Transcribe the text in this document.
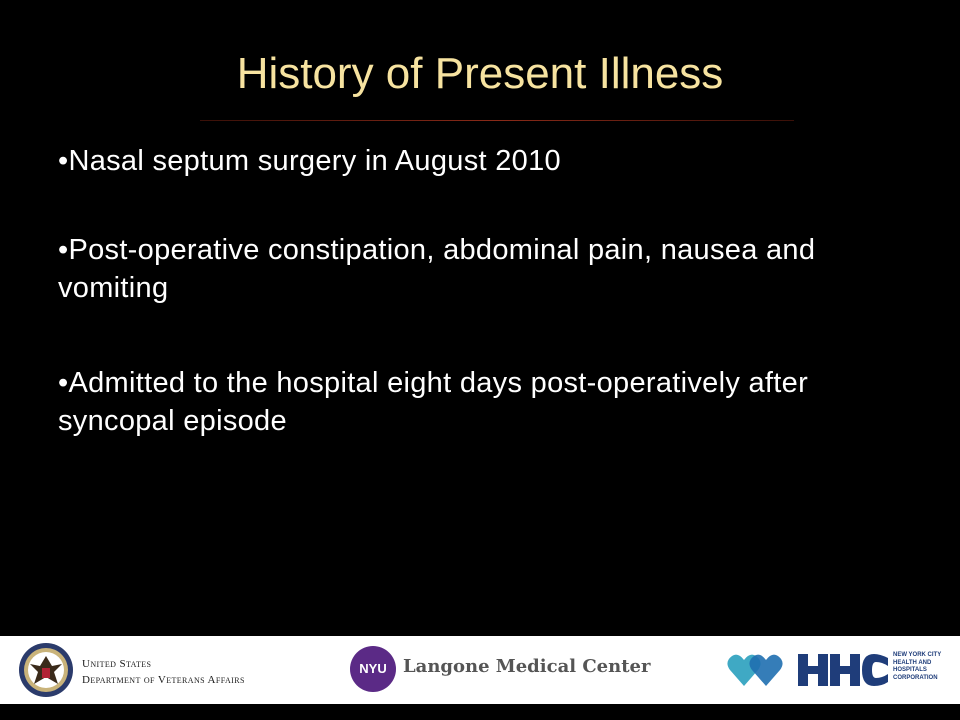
History of Present Illness
•Nasal septum surgery in August 2010
•Post-operative constipation, abdominal pain, nausea and vomiting
•Admitted to the hospital eight days post-operatively after syncopal episode
United States
Department of Veterans Affairs
NYU Langone Medical Center
NEW YORK CITY
HEALTH AND
HOSPITALS
CORPORATION
